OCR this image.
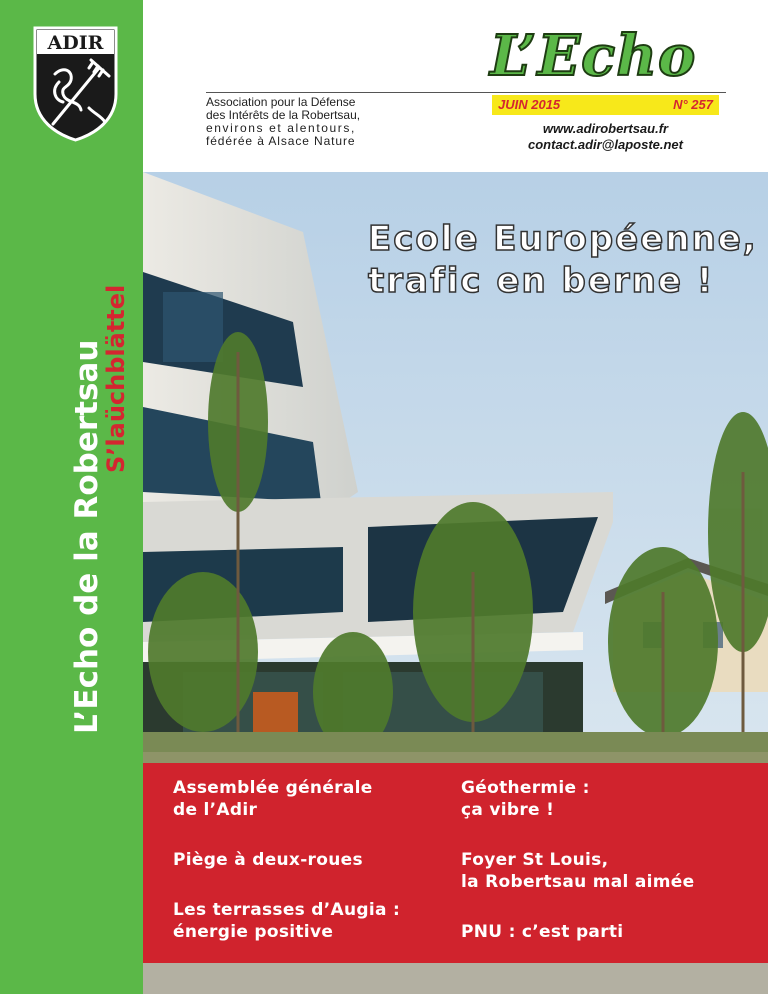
ADIR
L’Echo de la Robertsau
S’laüchblättel
Association pour la Défense
des Intérêts de la Robertsau,
environs et alentours,
fédérée à Alsace Nature
L’Echo
JUIN 2015	N° 257
www.adirobertsau.fr
contact.adir@laposte.net
Ecole Européenne,
trafic en berne !
Assemblée générale
de l’Adir
Piège à deux-roues
Les terrasses d’Augia :
énergie positive
Géothermie :
ça vibre !
Foyer St Louis,
la Robertsau mal aimée
PNU : c’est parti
